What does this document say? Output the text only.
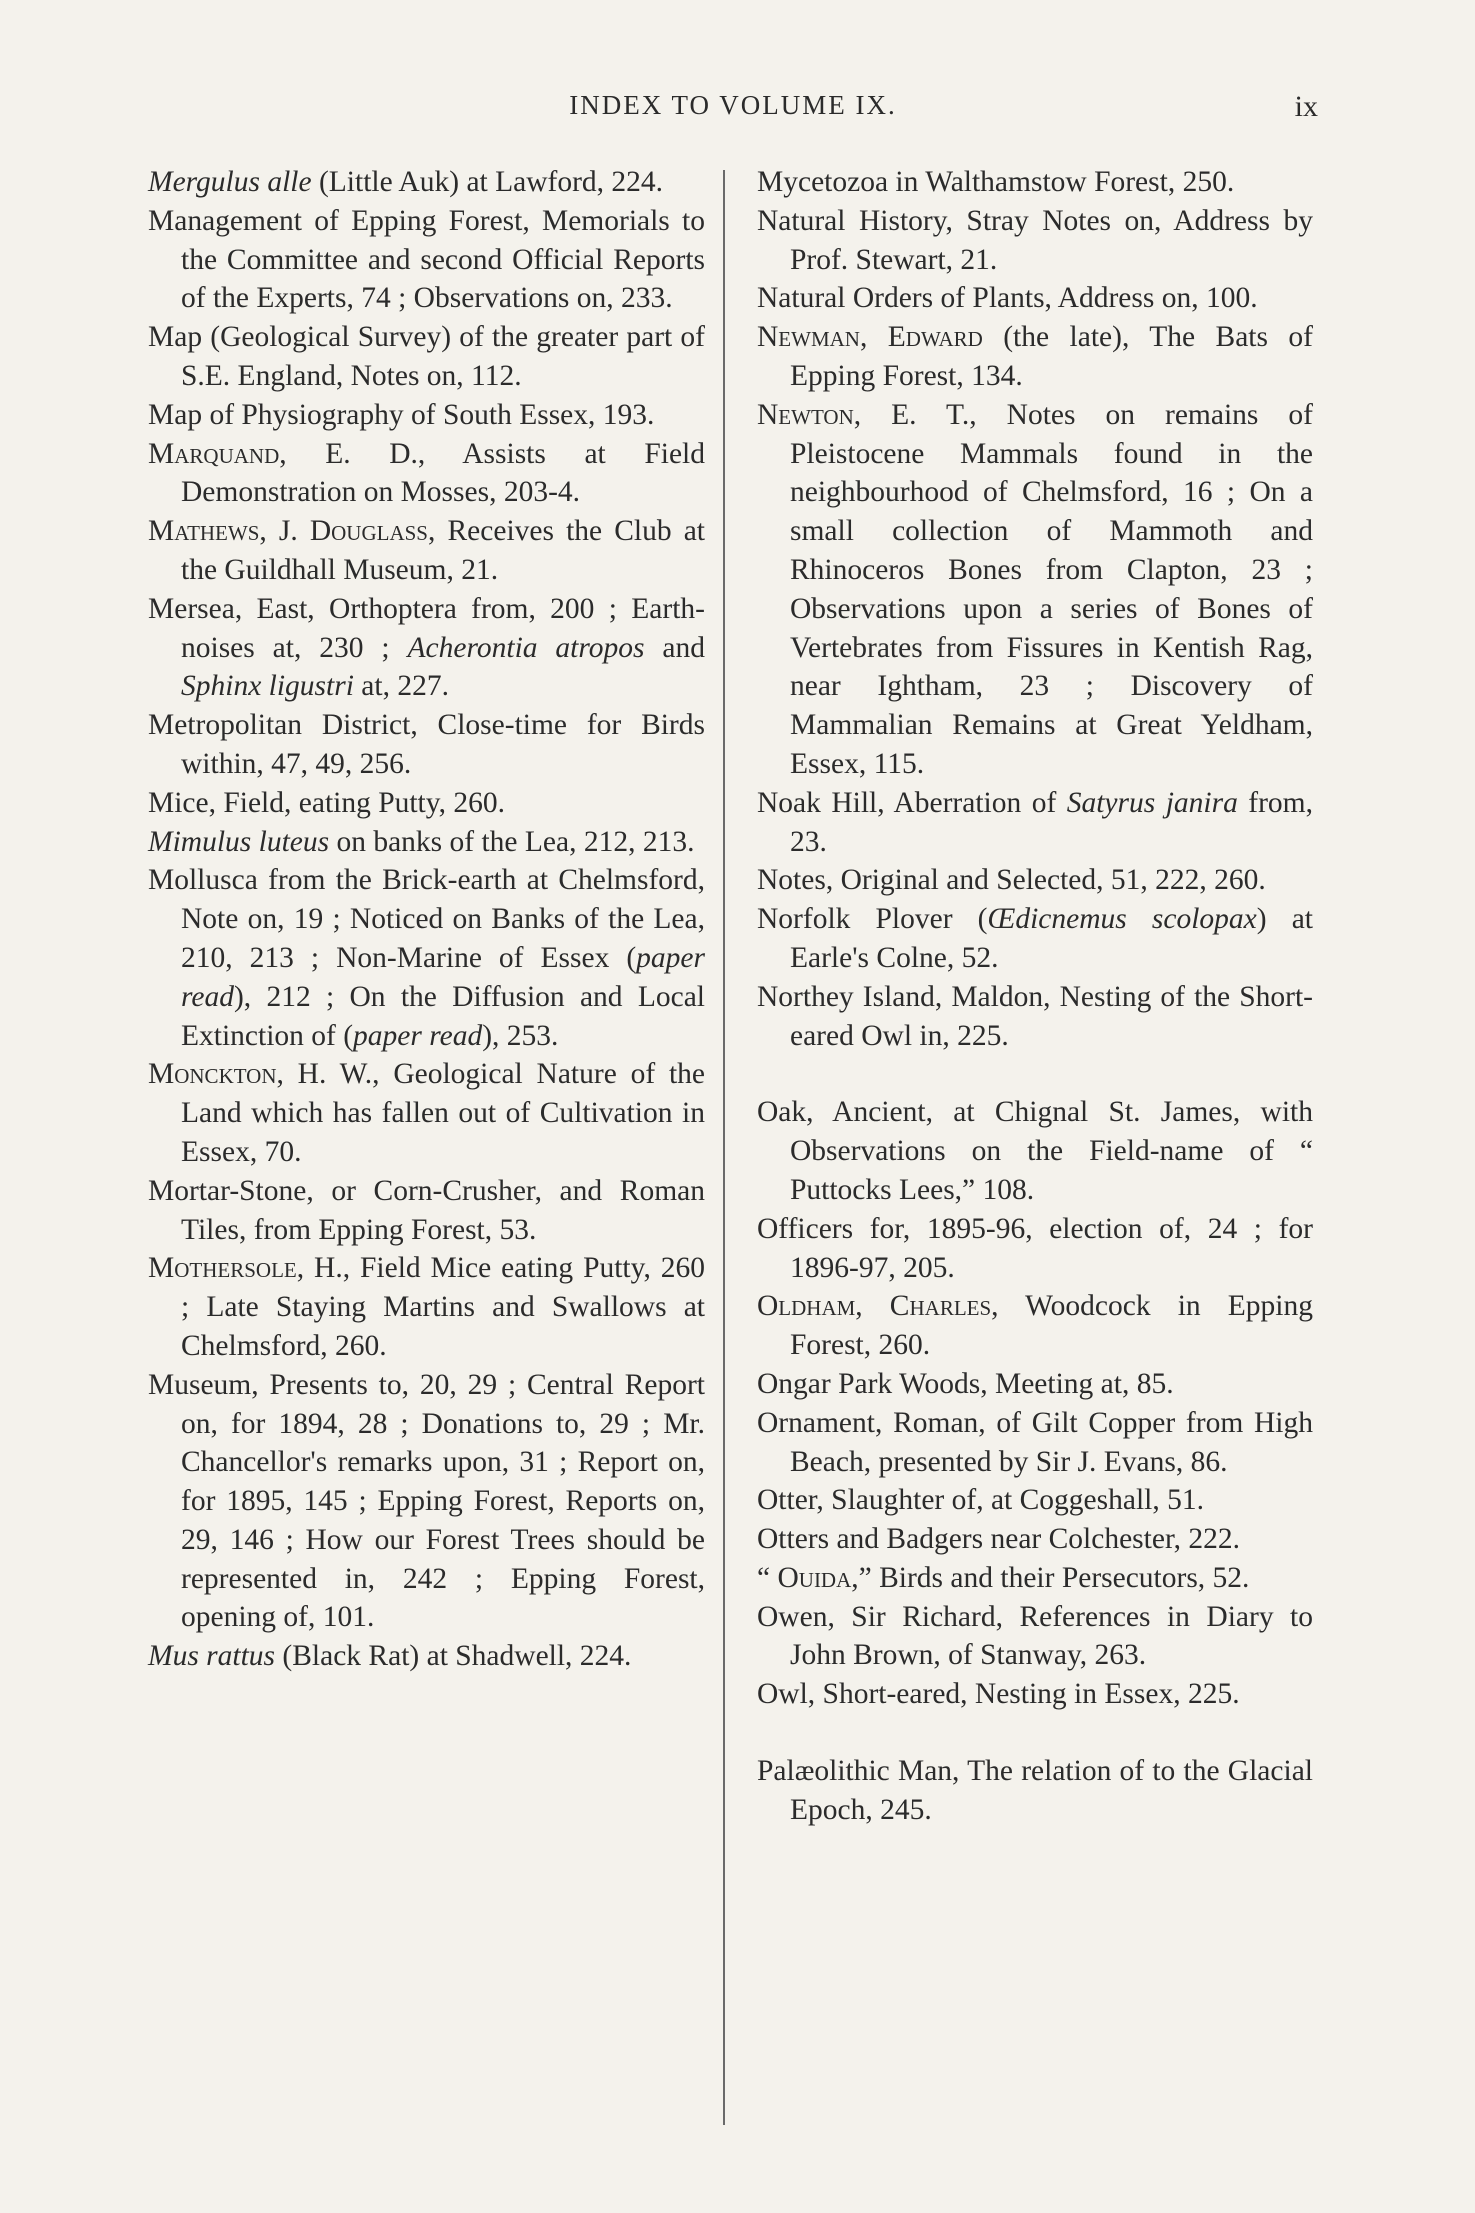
INDEX TO VOLUME IX.	ix

Mergulus alle (Little Auk) at Lawford, 224.

Management of Epping Forest, Memorials to the Committee and second Official Reports of the Experts, 74 ; Observations on, 233.

Map (Geological Survey) of the greater part of S.E. England, Notes on, 112.

Map of Physiography of South Essex, 193.

Marquand, E. D., Assists at Field Demonstration on Mosses, 203-4.

Mathews, J. Douglass, Receives the Club at the Guildhall Museum, 21.

Mersea, East, Orthoptera from, 200 ; Earth-noises at, 230 ; Acherontia atropos and Sphinx ligustri at, 227.

Metropolitan District, Close-time for Birds within, 47, 49, 256.

Mice, Field, eating Putty, 260.

Mimulus luteus on banks of the Lea, 212, 213.

Mollusca from the Brick-earth at Chelmsford, Note on, 19 ; Noticed on Banks of the Lea, 210, 213 ; Non-Marine of Essex (paper read), 212 ; On the Diffusion and Local Extinction of (paper read), 253.

Monckton, H. W., Geological Nature of the Land which has fallen out of Cultivation in Essex, 70.

Mortar-Stone, or Corn-Crusher, and Roman Tiles, from Epping Forest, 53.

Mothersole, H., Field Mice eating Putty, 260 ; Late Staying Martins and Swallows at Chelmsford, 260.

Museum, Presents to, 20, 29 ; Central Report on, for 1894, 28 ; Donations to, 29 ; Mr. Chancellor's remarks upon, 31 ; Report on, for 1895, 145 ; Epping Forest, Reports on, 29, 146 ; How our Forest Trees should be represented in, 242 ; Epping Forest, opening of, 101.

Mus rattus (Black Rat) at Shadwell, 224.

Mycetozoa in Walthamstow Forest, 250.

Natural History, Stray Notes on, Address by Prof. Stewart, 21.

Natural Orders of Plants, Address on, 100.

Newman, Edward (the late), The Bats of Epping Forest, 134.

Newton, E. T., Notes on remains of Pleistocene Mammals found in the neighbourhood of Chelmsford, 16 ; On a small collection of Mammoth and Rhinoceros Bones from Clapton, 23 ; Observations upon a series of Bones of Vertebrates from Fissures in Kentish Rag, near Ightham, 23 ; Discovery of Mammalian Remains at Great Yeldham, Essex, 115.

Noak Hill, Aberration of Satyrus janira from, 23.

Notes, Original and Selected, 51, 222, 260.

Norfolk Plover (Œdicnemus scolopax) at Earle's Colne, 52.

Northey Island, Maldon, Nesting of the Short-eared Owl in, 225.

Oak, Ancient, at Chignal St. James, with Observations on the Field-name of “ Puttocks Lees,” 108.

Officers for, 1895-96, election of, 24 ; for 1896-97, 205.

Oldham, Charles, Woodcock in Epping Forest, 260.

Ongar Park Woods, Meeting at, 85.

Ornament, Roman, of Gilt Copper from High Beach, presented by Sir J. Evans, 86.

Otter, Slaughter of, at Coggeshall, 51.

Otters and Badgers near Colchester, 222.

“ Ouida,” Birds and their Persecutors, 52.

Owen, Sir Richard, References in Diary to John Brown, of Stanway, 263.

Owl, Short-eared, Nesting in Essex, 225.

Palæolithic Man, The relation of to the Glacial Epoch, 245.
